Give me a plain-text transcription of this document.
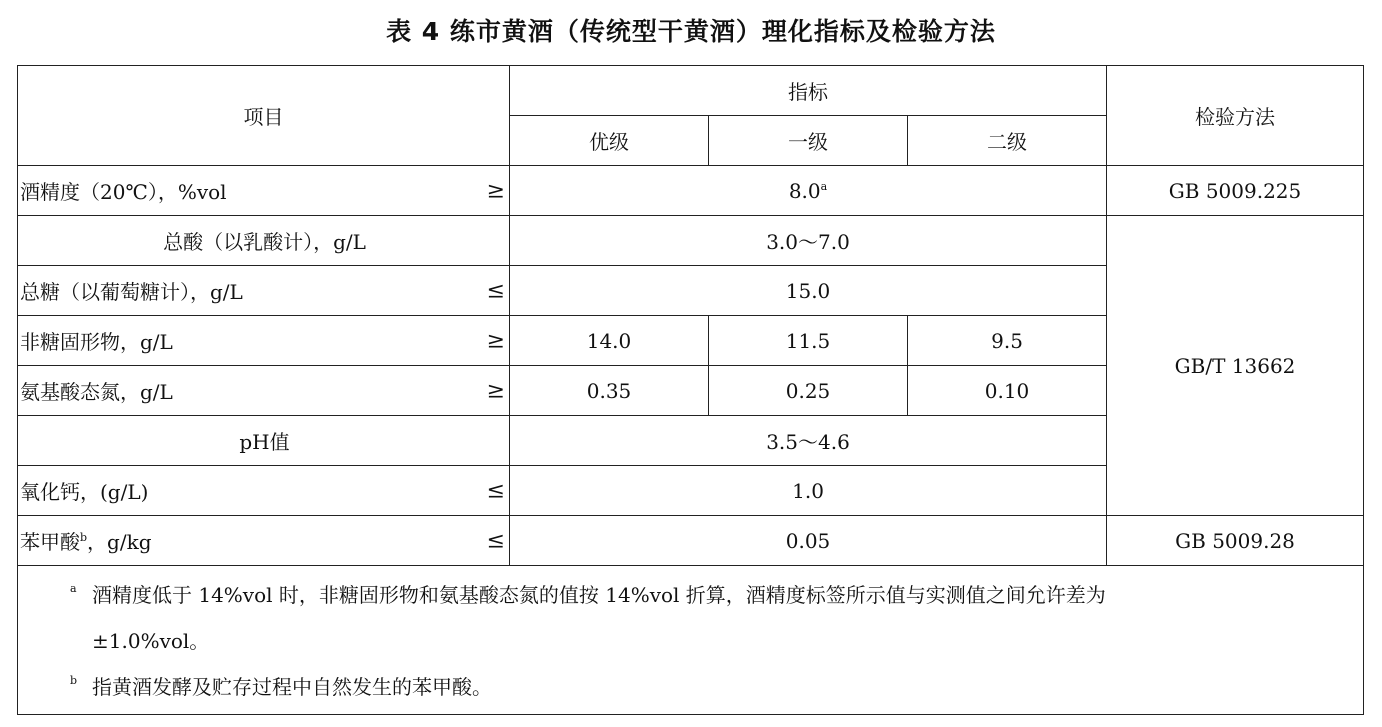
表 4 练市黄酒（传统型干黄酒）理化指标及检验方法
项目	指标			检验方法
	优级	一级	二级	
酒精度（20℃），%vol ≥	8.0$^a$			GB 5009.225
总酸（以乳酸计），g/L	3.0～7.0			GB/T 13662
总糖（以葡萄糖计），g/L ≤	15.0			
非糖固形物，g/L ≥	14.0	11.5	9.5	
氨基酸态氮，g/L ≥	0.35	0.25	0.10	
pH值	3.5～4.6			
氧化钙，(g/L) ≤	1.0			
苯甲酸$^b$，g/kg ≤	0.05			GB 5009.28

a 酒精度低于 14%vol 时，非糖固形物和氨基酸态氮的值按 14%vol 折算，酒精度标签所示值与实测值之间允许差为
±1.0%vol。
b 指黄酒发酵及贮存过程中自然发生的苯甲酸。				
